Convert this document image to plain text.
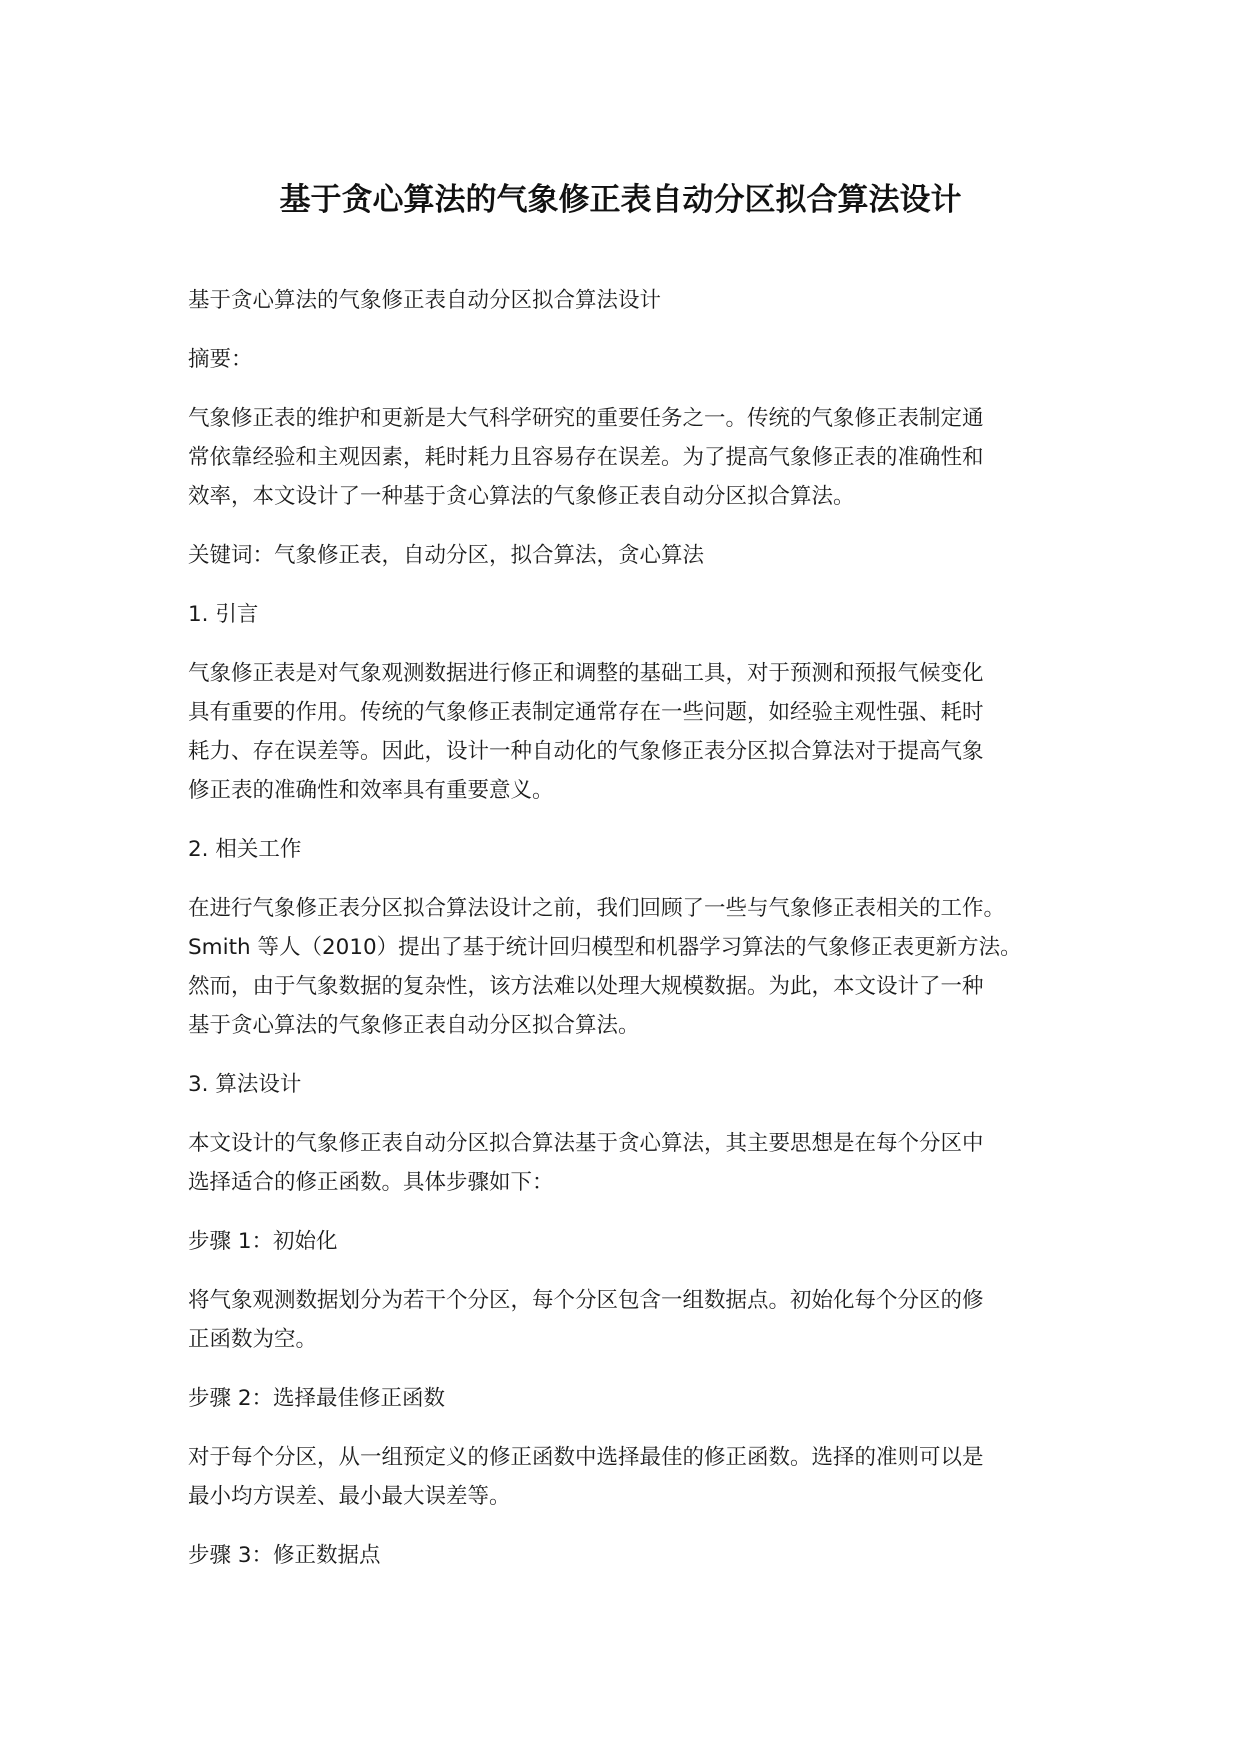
基于贪心算法的气象修正表自动分区拟合算法设计

基于贪心算法的气象修正表自动分区拟合算法设计

摘要：

气象修正表的维护和更新是大气科学研究的重要任务之一。传统的气象修正表制定通
常依靠经验和主观因素，耗时耗力且容易存在误差。为了提高气象修正表的准确性和
效率，本文设计了一种基于贪心算法的气象修正表自动分区拟合算法。

关键词：气象修正表，自动分区，拟合算法，贪心算法

1. 引言

气象修正表是对气象观测数据进行修正和调整的基础工具，对于预测和预报气候变化
具有重要的作用。传统的气象修正表制定通常存在一些问题，如经验主观性强、耗时
耗力、存在误差等。因此，设计一种自动化的气象修正表分区拟合算法对于提高气象
修正表的准确性和效率具有重要意义。

2. 相关工作

在进行气象修正表分区拟合算法设计之前，我们回顾了一些与气象修正表相关的工作。
Smith 等人（2010）提出了基于统计回归模型和机器学习算法的气象修正表更新方法。
然而，由于气象数据的复杂性，该方法难以处理大规模数据。为此，本文设计了一种
基于贪心算法的气象修正表自动分区拟合算法。

3. 算法设计

本文设计的气象修正表自动分区拟合算法基于贪心算法，其主要思想是在每个分区中
选择适合的修正函数。具体步骤如下：

步骤 1：初始化

将气象观测数据划分为若干个分区，每个分区包含一组数据点。初始化每个分区的修
正函数为空。

步骤 2：选择最佳修正函数

对于每个分区，从一组预定义的修正函数中选择最佳的修正函数。选择的准则可以是
最小均方误差、最小最大误差等。

步骤 3：修正数据点
